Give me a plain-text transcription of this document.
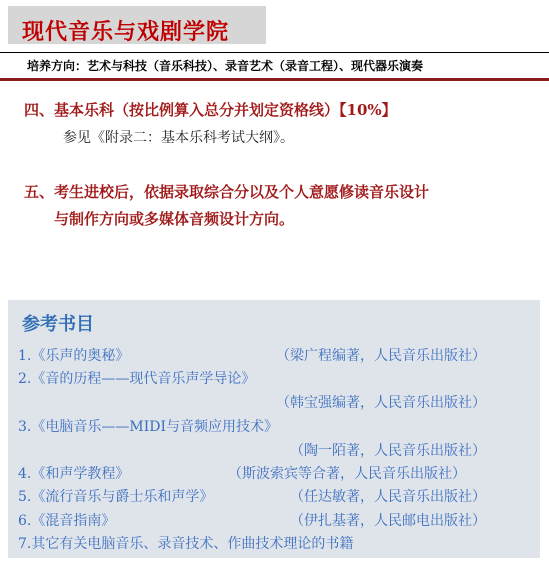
现代音乐与戏剧学院
培养方向：艺术与科技（音乐科技）、录音艺术（录音工程）、现代器乐演奏
四、基本乐科（按比例算入总分并划定资格线）【10%】
参见《附录二：基本乐科考试大纲》。
五、考生进校后，依据录取综合分以及个人意愿修读音乐设计
与制作方向或多媒体音频设计方向。
参考书目
1.《乐声的奥秘》	（梁广程编著，人民音乐出版社）
2.《音的历程——现代音乐声学导论》
（韩宝强编著，人民音乐出版社）
3.《电脑音乐——MIDI与音频应用技术》
（陶一陌著，人民音乐出版社）
4.《和声学教程》	（斯波索宾等合著，人民音乐出版社）
5.《流行音乐与爵士乐和声学》	（任达敏著，人民音乐出版社）
6.《混音指南》	（伊扎基著，人民邮电出版社）
7.其它有关电脑音乐、录音技术、作曲技术理论的书籍
